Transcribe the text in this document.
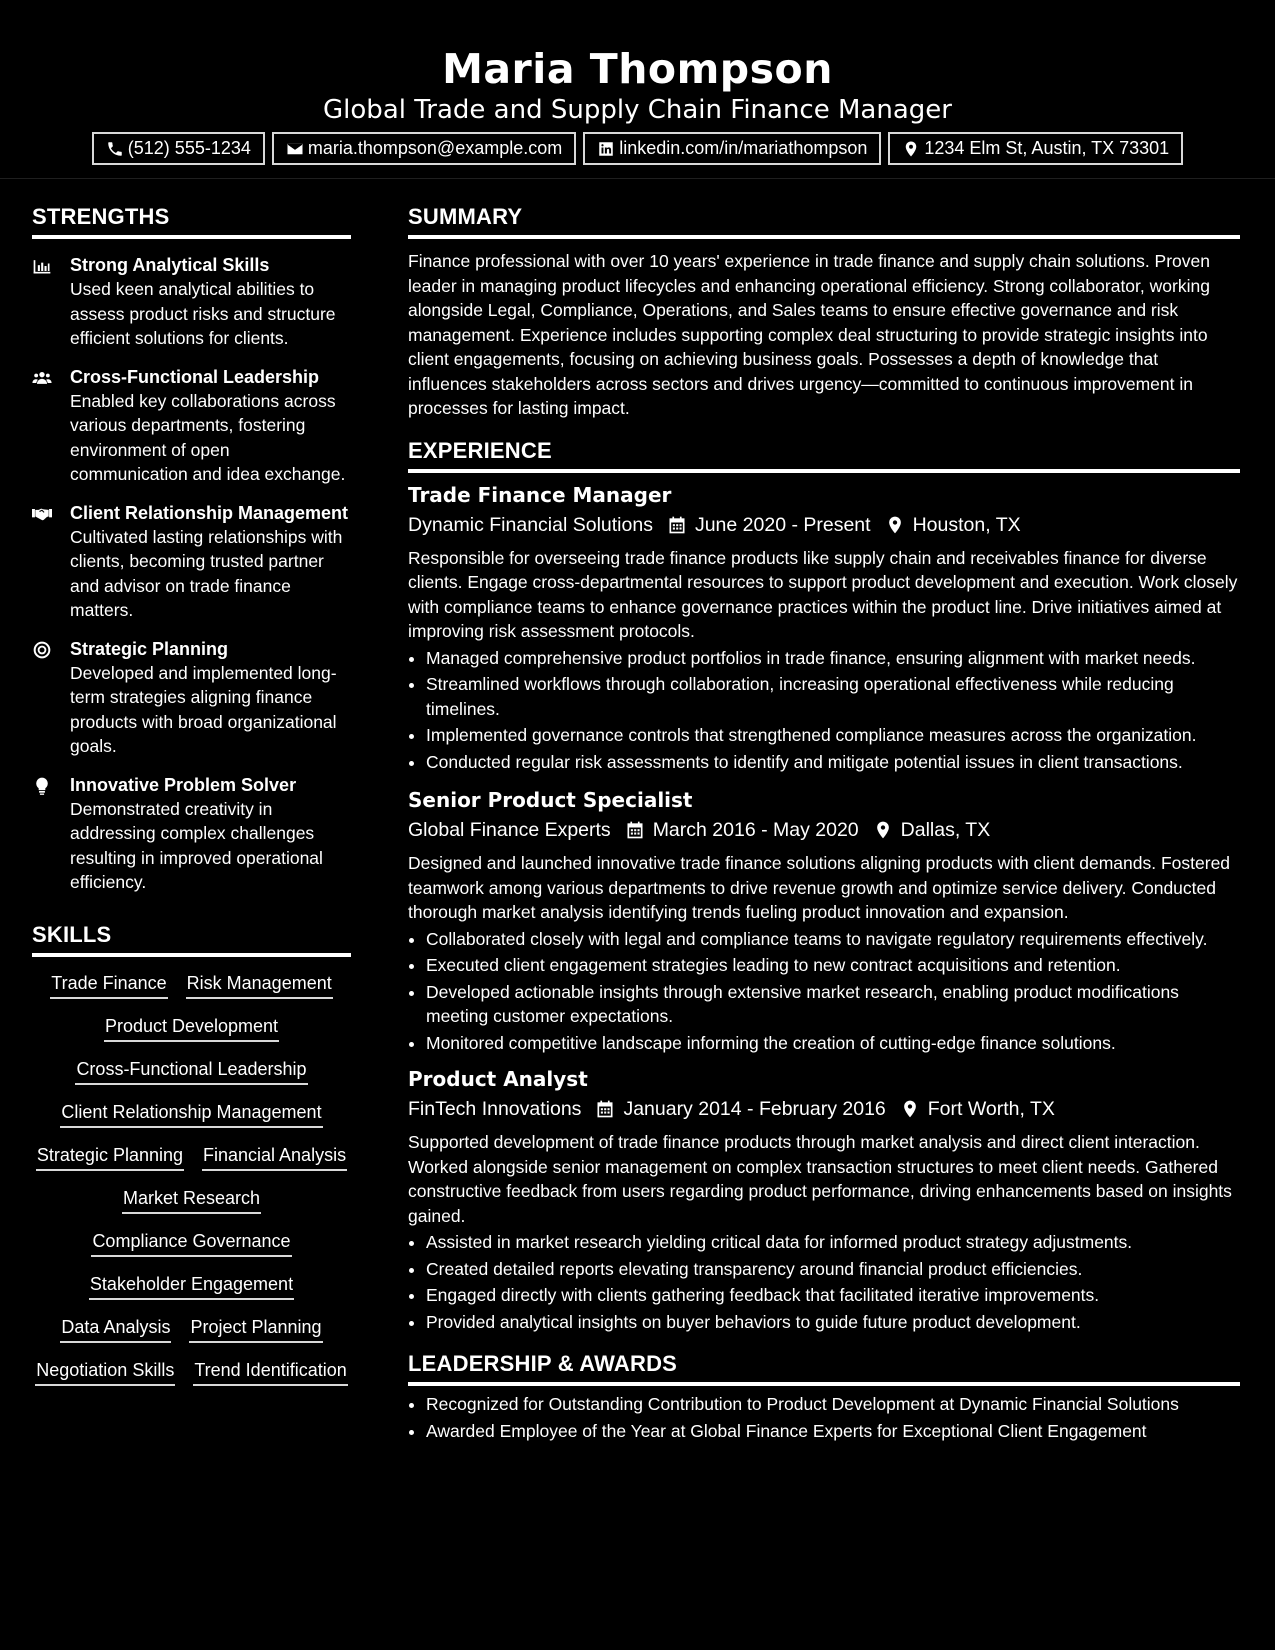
Maria Thompson
Global Trade and Supply Chain Finance Manager
(512) 555-1234	maria.thompson@example.com	linkedin.com/in/mariathompson	1234 Elm St, Austin, TX 73301
STRENGTHS
Strong Analytical Skills
Used keen analytical abilities to assess product risks and structure efficient solutions for clients.
Cross-Functional Leadership
Enabled key collaborations across various departments, fostering environment of open communication and idea exchange.
Client Relationship Management
Cultivated lasting relationships with clients, becoming trusted partner and advisor on trade finance matters.
Strategic Planning
Developed and implemented long-term strategies aligning finance products with broad organizational goals.
Innovative Problem Solver
Demonstrated creativity in addressing complex challenges resulting in improved operational efficiency.
SKILLS
Trade Finance Risk Management
Product Development
Cross-Functional Leadership
Client Relationship Management
Strategic Planning Financial Analysis
Market Research
Compliance Governance
Stakeholder Engagement
Data Analysis Project Planning
Negotiation Skills Trend Identification
SUMMARY

Finance professional with over 10 years' experience in trade finance and supply chain solutions. Proven leader in managing product lifecycles and enhancing operational efficiency. Strong collaborator, working alongside Legal, Compliance, Operations, and Sales teams to ensure effective governance and risk management. Experience includes supporting complex deal structuring to provide strategic insights into client engagements, focusing on achieving business goals. Possesses a depth of knowledge that influences stakeholders across sectors and drives urgency—committed to continuous improvement in processes for lasting impact.

EXPERIENCE
Trade Finance Manager
Dynamic Financial Solutions June 2020 - Present Houston, TX
Responsible for overseeing trade finance products like supply chain and receivables finance for diverse clients. Engage cross-departmental resources to support product development and execution. Work closely with compliance teams to enhance governance practices within the product line. Drive initiatives aimed at improving risk assessment protocols.
• Managed comprehensive product portfolios in trade finance, ensuring alignment with market needs.
• Streamlined workflows through collaboration, increasing operational effectiveness while reducing timelines.
• Implemented governance controls that strengthened compliance measures across the organization.
• Conducted regular risk assessments to identify and mitigate potential issues in client transactions.
Senior Product Specialist
Global Finance Experts March 2016 - May 2020 Dallas, TX
Designed and launched innovative trade finance solutions aligning products with client demands. Fostered teamwork among various departments to drive revenue growth and optimize service delivery. Conducted thorough market analysis identifying trends fueling product innovation and expansion.
• Collaborated closely with legal and compliance teams to navigate regulatory requirements effectively.
• Executed client engagement strategies leading to new contract acquisitions and retention.
• Developed actionable insights through extensive market research, enabling product modifications meeting customer expectations.
• Monitored competitive landscape informing the creation of cutting-edge finance solutions.
Product Analyst
FinTech Innovations January 2014 - February 2016 Fort Worth, TX
Supported development of trade finance products through market analysis and direct client interaction. Worked alongside senior management on complex transaction structures to meet client needs. Gathered constructive feedback from users regarding product performance, driving enhancements based on insights gained.
• Assisted in market research yielding critical data for informed product strategy adjustments.
• Created detailed reports elevating transparency around financial product efficiencies.
• Engaged directly with clients gathering feedback that facilitated iterative improvements.
• Provided analytical insights on buyer behaviors to guide future product development.
LEADERSHIP & AWARDS
• Recognized for Outstanding Contribution to Product Development at Dynamic Financial Solutions
• Awarded Employee of the Year at Global Finance Experts for Exceptional Client Engagement
